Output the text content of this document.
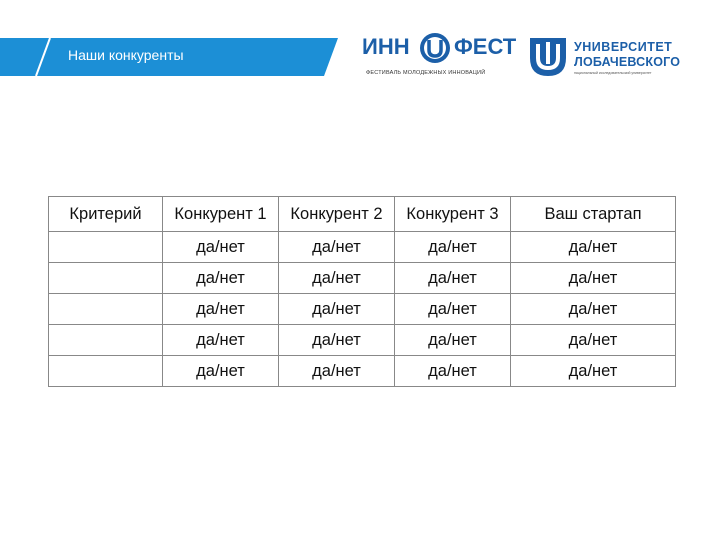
Наши конкуренты	ИНН ФЕСТ
ФЕСТИВАЛЬ МОЛОДЕЖНЫХ ИННОВАЦИЙ
УНИВЕРСИТЕТ
ЛОБАЧЕВСКОГО
национальный исследовательский университет
Критерий	Конкурент 1	Конкурент 2	Конкурент 3	Ваш стартап
	да/нет	да/нет	да/нет	да/нет
	да/нет	да/нет	да/нет	да/нет
	да/нет	да/нет	да/нет	да/нет
	да/нет	да/нет	да/нет	да/нет
	да/нет	да/нет	да/нет	да/нет
